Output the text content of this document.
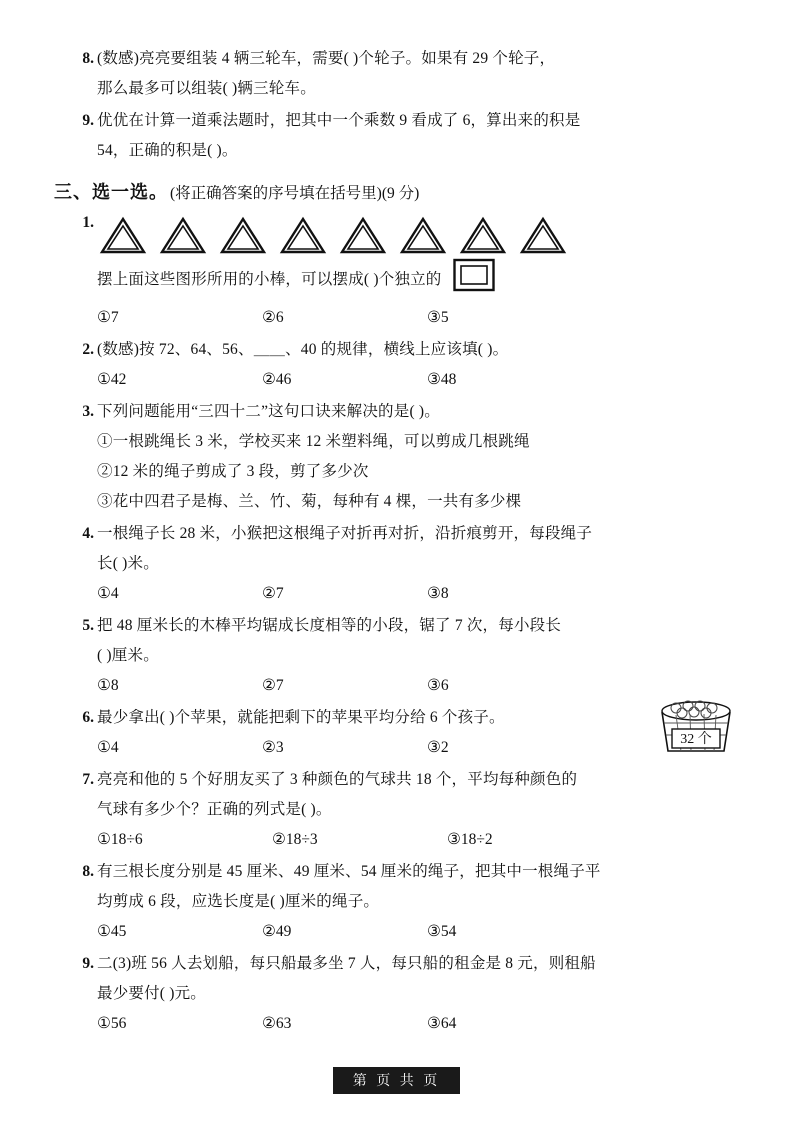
8. (数感)亮亮要组装 4 辆三轮车，需要( )个轮子。如果有 29 个轮子，
那么最多可以组装( )辆三轮车。
9. 优优在计算一道乘法题时，把其中一个乘数 9 看成了 6，算出来的积是
54，正确的积是( )。
三、选一选。 (将正确答案的序号填在括号里)(9 分)
1.
摆上面这些图形所用的小棒，可以摆成( )个独立的
①7	②6	③5
2. (数感)按 72、64、56、＿＿、40 的规律，横线上应该填( )。
①42	②46	③48
3. 下列问题能用“三四十二”这句口诀来解决的是( )。
①一根跳绳长 3 米，学校买来 12 米塑料绳，可以剪成几根跳绳
②12 米的绳子剪成了 3 段，剪了多少次
③花中四君子是梅、兰、竹、菊，每种有 4 棵，一共有多少棵
4. 一根绳子长 28 米，小猴把这根绳子对折再对折，沿折痕剪开，每段绳子
长( )米。
①4	②7	③8
5. 把 48 厘米长的木棒平均锯成长度相等的小段，锯了 7 次，每小段长
( )厘米。
①8	②7	③6
6. 最少拿出( )个苹果，就能把剩下的苹果平均分给 6 个孩子。
①4	②3	③2	32 个
7. 亮亮和他的 5 个好朋友买了 3 种颜色的气球共 18 个，平均每种颜色的
气球有多少个？正确的列式是( )。
①18÷6	②18÷3	③18÷2
8. 有三根长度分别是 45 厘米、49 厘米、54 厘米的绳子，把其中一根绳子平
均剪成 6 段，应选长度是( )厘米的绳子。
①45	②49	③54
9. 二(3)班 56 人去划船，每只船最多坐 7 人，每只船的租金是 8 元，则租船
最少要付( )元。
①56	②63	③64
第 页 共 页
